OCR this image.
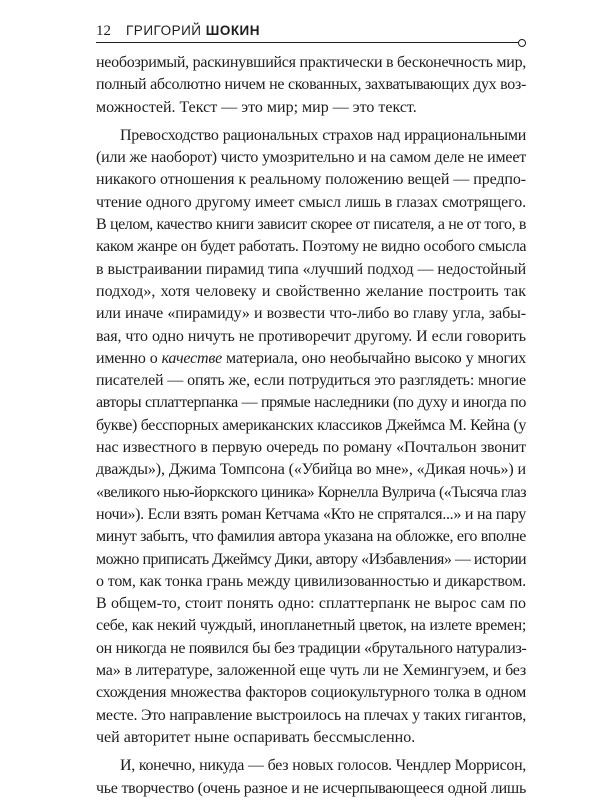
12 ГРИГОРИЙ ШОКИН

необозримый, раскинувшийся практически в бесконечность мир,
полный абсолютно ничем не скованных, захватывающих дух воз-
можностей. Текст — это мир; мир — это текст.

Превосходство рациональных страхов над иррациональными
(или же наоборот) чисто умозрительно и на самом деле не имеет
никакого отношения к реальному положению вещей — предпо-
чтение одного другому имеет смысл лишь в глазах смотрящего.
В целом, качество книги зависит скорее от писателя, а не от того, в
каком жанре он будет работать. Поэтому не видно особого смысла
в выстраивании пирамид типа «лучший подход — недостойный
подход», хотя человеку и свойственно желание построить так
или иначе «пирамиду» и возвести что-либо во главу угла, забы-
вая, что одно ничуть не противоречит другому. И если говорить
именно о качестве материала, оно необычайно высоко у многих
писателей — опять же, если потрудиться это разглядеть: многие
авторы сплаттерпанка — прямые наследники (по духу и иногда по
букве) бесспорных американских классиков Джеймса М. Кейна (у
нас известного в первую очередь по роману «Почтальон звонит
дважды»), Джима Томпсона («Убийца во мне», «Дикая ночь») и
«великого нью-йоркского циника» Корнелла Вулрича («Тысяча глаз
ночи»). Если взять роман Кетчама «Кто не спрятался...» и на пару
минут забыть, что фамилия автора указана на обложке, его вполне
можно приписать Джеймсу Дики, автору «Избавления» — истории
о том, как тонка грань между цивилизованностью и дикарством.
В общем-то, стоит понять одно: сплаттерпанк не вырос сам по
себе, как некий чуждый, инопланетный цветок, на излете времен;
он никогда не появился бы без традиции «брутального натурализ-
ма» в литературе, заложенной еще чуть ли не Хемингуэем, и без
схождения множества факторов социокультурного толка в одном
месте. Это направление выстроилось на плечах у таких гигантов,
чей авторитет ныне оспаривать бессмысленно.

И, конечно, никуда — без новых голосов. Чендлер Моррисон,
чье творчество (очень разное и не исчерпывающееся одной лишь
